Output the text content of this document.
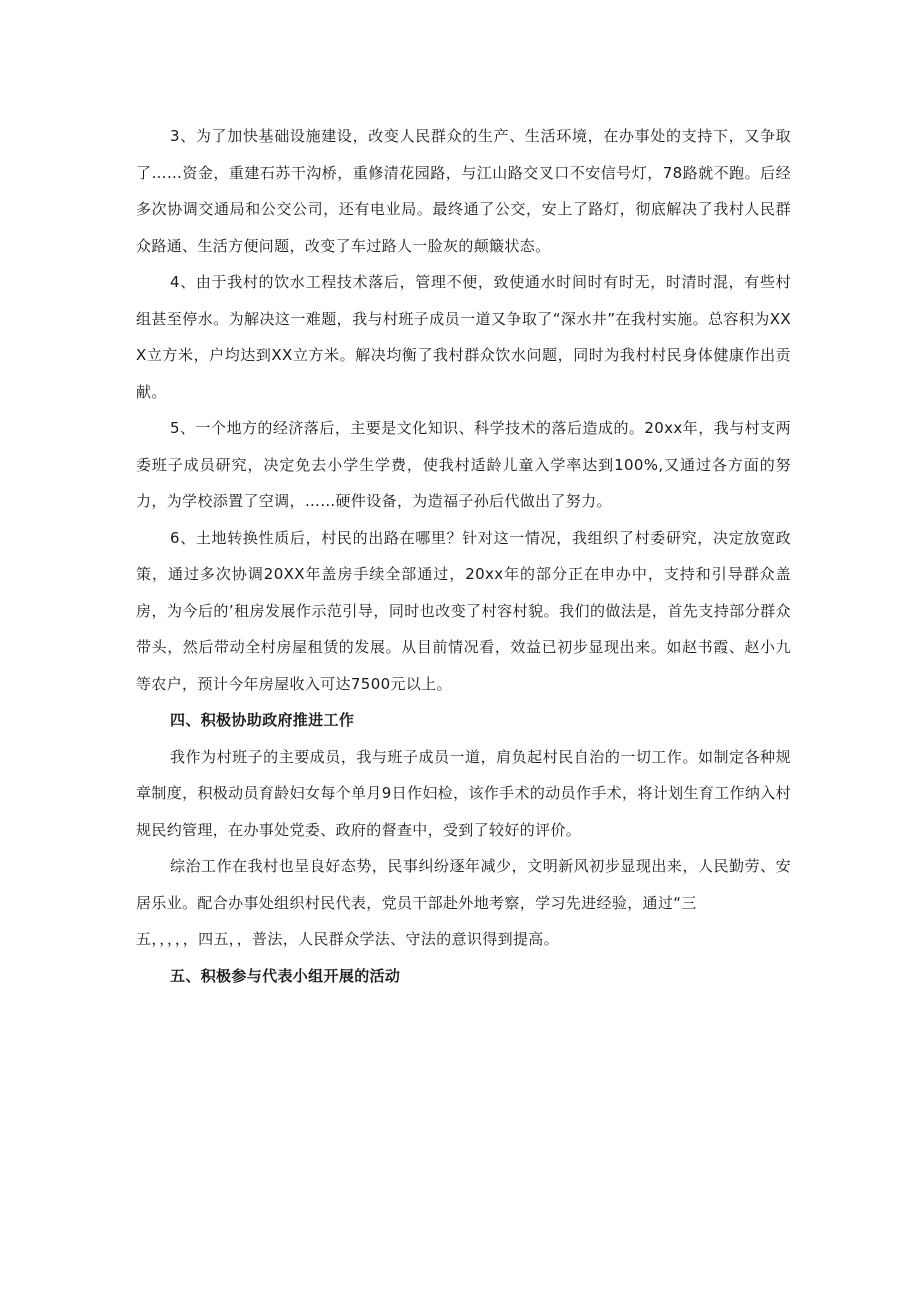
3、为了加快基础设施建设，改变人民群众的生产、生活环境，在办事处的支持下，又争取了……资金，重建石苏干沟桥，重修清花园路，与江山路交叉口不安信号灯，78路就不跑。后经多次协调交通局和公交公司，还有电业局。最终通了公交，安上了路灯，彻底解决了我村人民群众路通、生活方便问题，改变了车过路人一脸灰的颠簸状态。

4、由于我村的饮水工程技术落后，管理不便，致使通水时间时有时无，时清时混，有些村组甚至停水。为解决这一难题，我与村班子成员一道又争取了“深水井”在我村实施。总容积为XXX立方米，户均达到XX立方米。解决均衡了我村群众饮水问题，同时为我村村民身体健康作出贡献。

5、一个地方的经济落后，主要是文化知识、科学技术的落后造成的。20xx年，我与村支两委班子成员研究，决定免去小学生学费，使我村适龄儿童入学率达到100%,又通过各方面的努力，为学校添置了空调，……硬件设备，为造福子孙后代做出了努力。

6、土地转换性质后，村民的出路在哪里？针对这一情况，我组织了村委研究，决定放宽政策，通过多次协调20XX年盖房手续全部通过，20xx年的部分正在申办中，支持和引导群众盖房，为今后的’租房发展作示范引导，同时也改变了村容村貌。我们的做法是，首先支持部分群众带头，然后带动全村房屋租赁的发展。从目前情况看，效益已初步显现出来。如赵书霞、赵小九等农户，预计今年房屋收入可达7500元以上。

四、积极协助政府推进工作

我作为村班子的主要成员，我与班子成员一道，肩负起村民自治的一切工作。如制定各种规章制度，积极动员育龄妇女每个单月9日作妇检，该作手术的动员作手术，将计划生育工作纳入村规民约管理，在办事处党委、政府的督查中，受到了较好的评价。

综治工作在我村也呈良好态势，民事纠纷逐年减少，文明新风初步显现出来，人民勤劳、安居乐业。配合办事处组织村民代表，党员干部赴外地考察，学习先进经验，通过“三

五，，，，，四五，，普法，人民群众学法、守法的意识得到提高。

五、积极参与代表小组开展的活动
